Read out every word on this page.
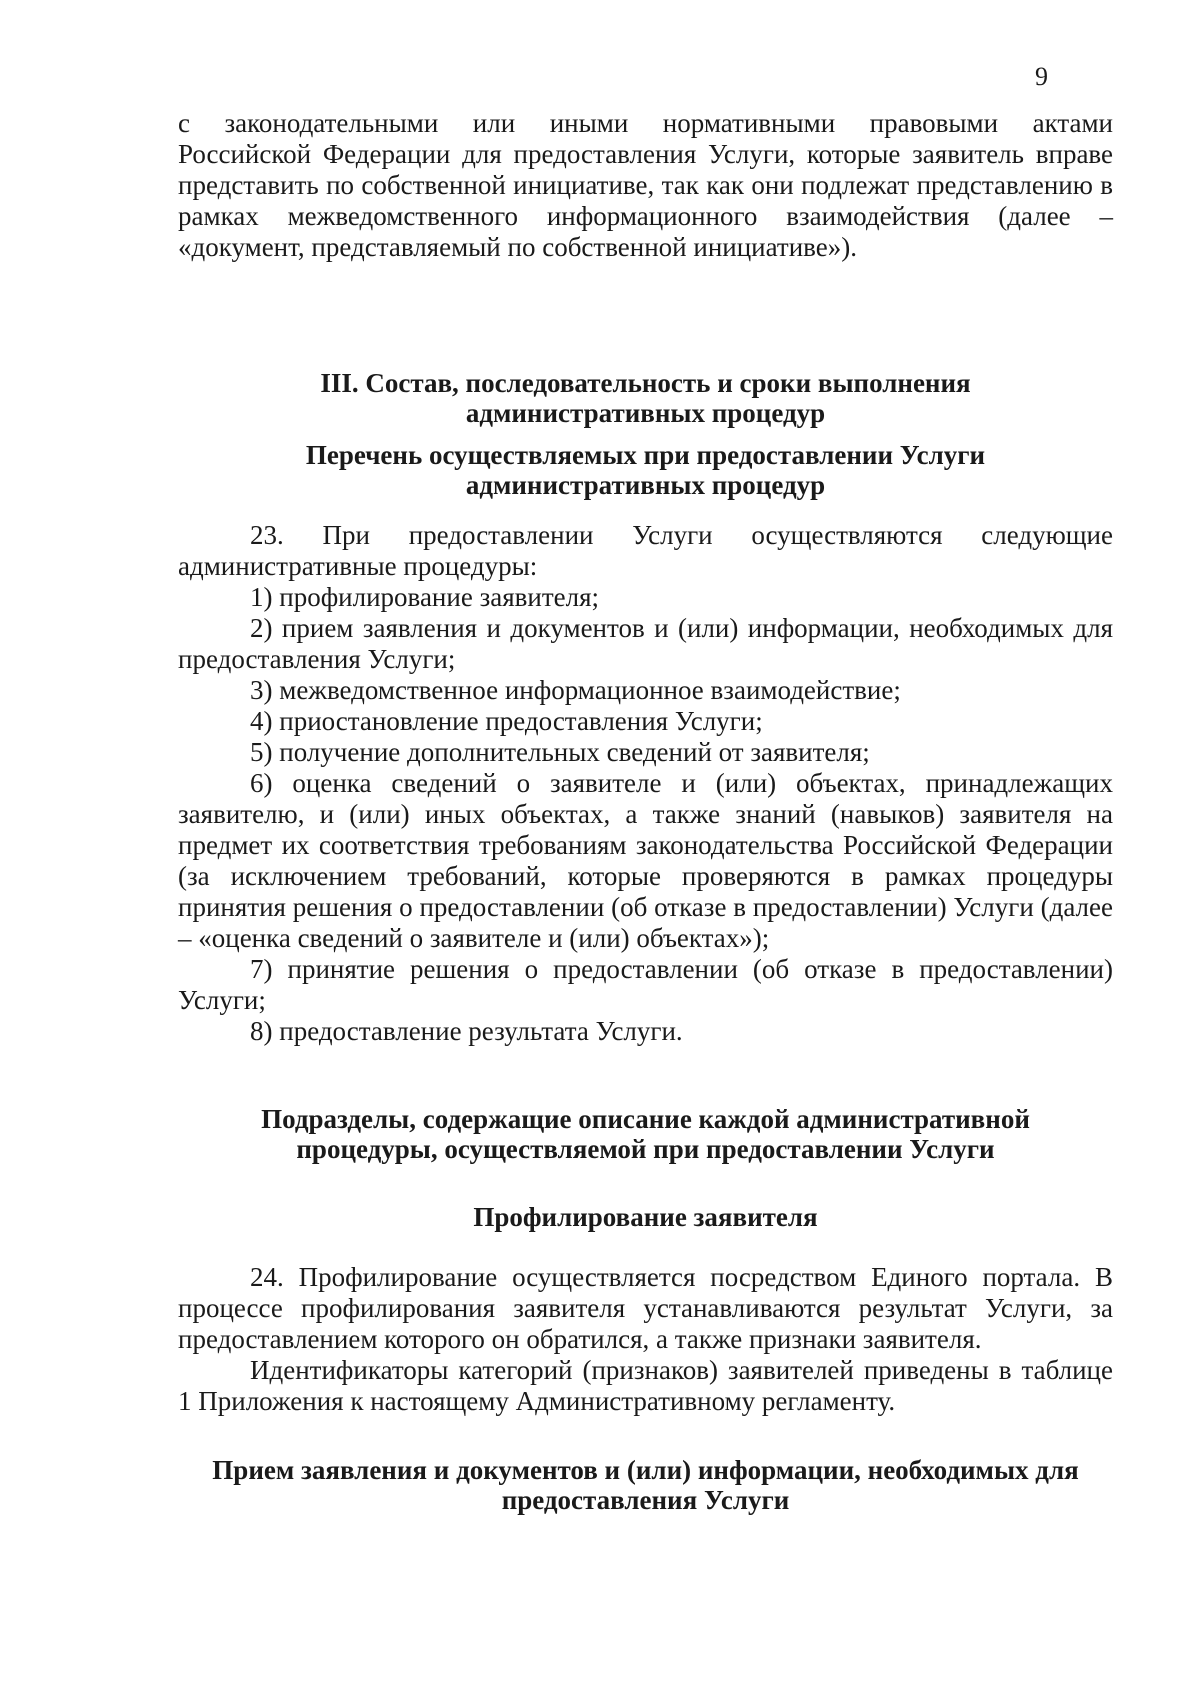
9

с законодательными или иными нормативными правовыми актами

Российской Федерации для предоставления Услуги, которые заявитель вправе представить по собственной инициативе, так как они подлежат представлению в рамках межведомственного информационного взаимодействия (далее – «документ, представляемый по собственной инициативе»).

III. Состав, последовательность и сроки выполнения
административных процедур
Перечень осуществляемых при предоставлении Услуги
административных процедур

23. При предоставлении Услуги осуществляются следующие административные процедуры:

1) профилирование заявителя;

2) прием заявления и документов и (или) информации, необходимых для предоставления Услуги;

3) межведомственное информационное взаимодействие;

4) приостановление предоставления Услуги;

5) получение дополнительных сведений от заявителя;

6) оценка сведений о заявителе и (или) объектах, принадлежащих заявителю, и (или) иных объектах, а также знаний (навыков) заявителя на предмет их соответствия требованиям законодательства Российской Федерации (за исключением требований, которые проверяются в рамках процедуры принятия решения о предоставлении (об отказе в предоставлении) Услуги (далее – «оценка сведений о заявителе и (или) объектах»);

7) принятие решения о предоставлении (об отказе в предоставлении) Услуги;

8) предоставление результата Услуги.

Подразделы, содержащие описание каждой административной
процедуры, осуществляемой при предоставлении Услуги
Профилирование заявителя

24. Профилирование осуществляется посредством Единого портала. В процессе профилирования заявителя устанавливаются результат Услуги, за предоставлением которого он обратился, а также признаки заявителя.

Идентификаторы категорий (признаков) заявителей приведены в таблице 1 Приложения к настоящему Административному регламенту.

Прием заявления и документов и (или) информации, необходимых для
предоставления Услуги
